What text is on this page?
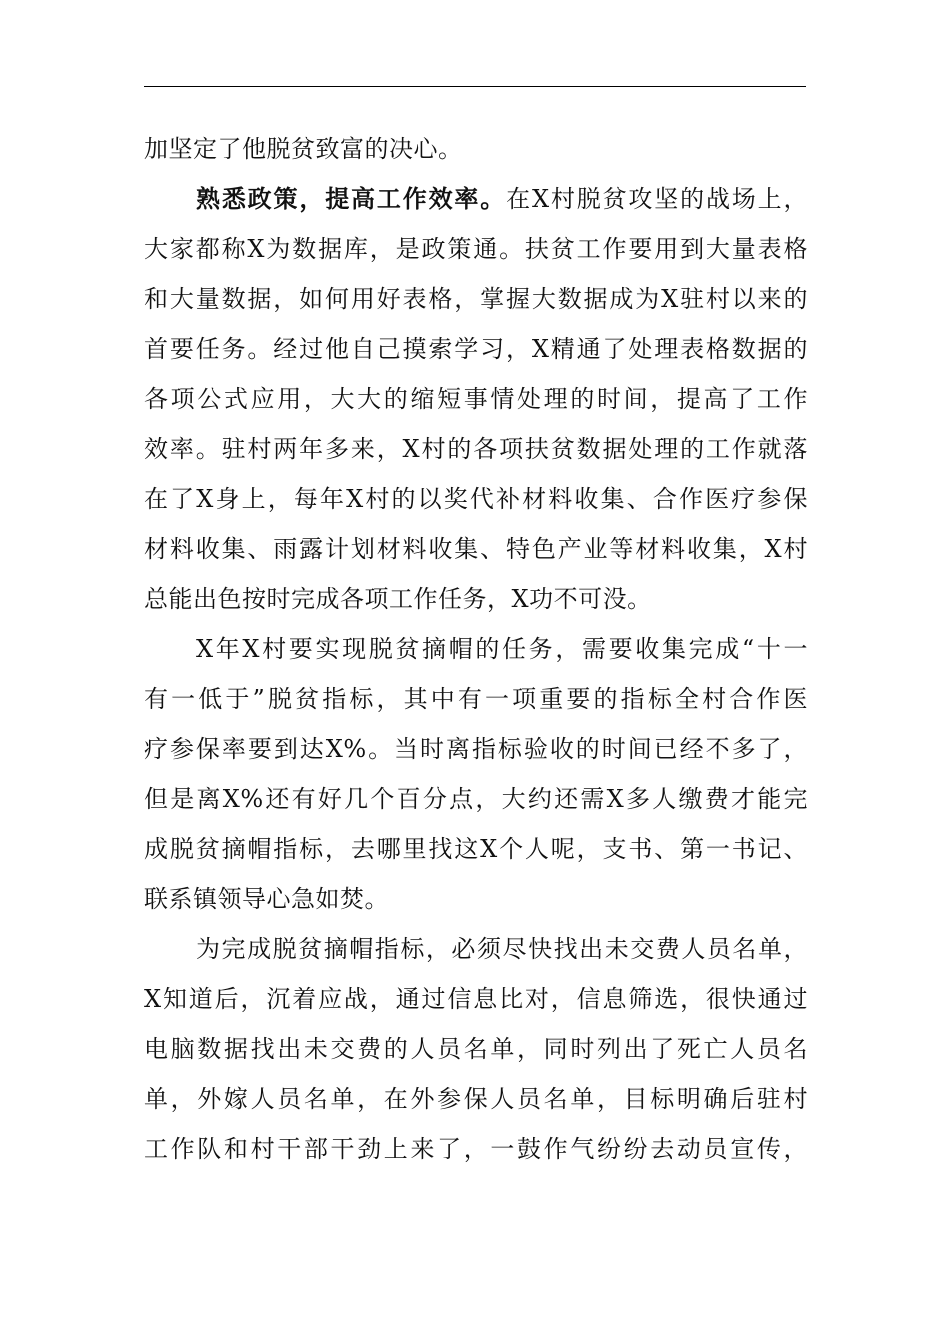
加坚定了他脱贫致富的决心。
熟悉政策，提高工作效率。在X村脱贫攻坚的战场上，
大家都称X为数据库，是政策通。扶贫工作要用到大量表格
和大量数据，如何用好表格，掌握大数据成为X驻村以来的
首要任务。经过他自己摸索学习，X精通了处理表格数据的
各项公式应用，大大的缩短事情处理的时间，提高了工作
效率。驻村两年多来，X村的各项扶贫数据处理的工作就落
在了X身上，每年X村的以奖代补材料收集、合作医疗参保
材料收集、雨露计划材料收集、特色产业等材料收集，X村
总能出色按时完成各项工作任务，X功不可没。
X年X村要实现脱贫摘帽的任务，需要收集完成“十一
有一低于”脱贫指标，其中有一项重要的指标全村合作医
疗参保率要到达X%。当时离指标验收的时间已经不多了，
但是离X%还有好几个百分点，大约还需X多人缴费才能完
成脱贫摘帽指标，去哪里找这X个人呢，支书、第一书记、
联系镇领导心急如焚。
为完成脱贫摘帽指标，必须尽快找出未交费人员名单，
X知道后，沉着应战，通过信息比对，信息筛选，很快通过
电脑数据找出未交费的人员名单，同时列出了死亡人员名
单，外嫁人员名单，在外参保人员名单，目标明确后驻村
工作队和村干部干劲上来了，一鼓作气纷纷去动员宣传，
